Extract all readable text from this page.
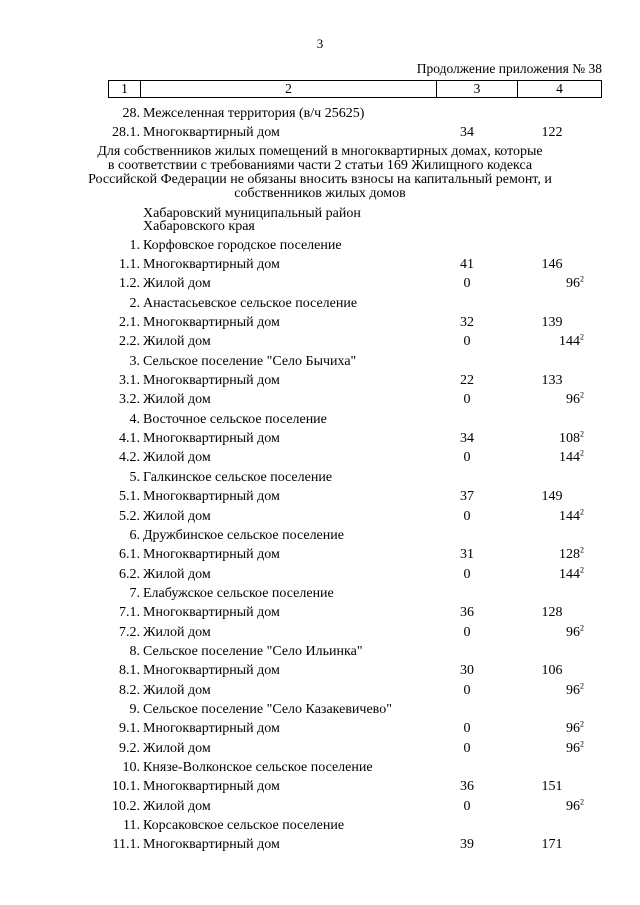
3
Продолжение приложения № 38
1	2	3	4
28. Межселенная территория (в/ч 25625)
28.1. Многоквартирный дом	34	122
Для собственников жилых помещений в многоквартирных домах, которые
в соответствии с требованиями части 2 статьи 169 Жилищного кодекса
Российской Федерации не обязаны вносить взносы на капитальный ремонт, и
собственников жилых домов
Хабаровский муниципальный район
Хабаровского края
1. Корфовское городское поселение
1.1. Многоквартирный дом	41	146
1.2. Жилой дом	0	$96^2$
2. Анастасьевское сельское поселение
2.1. Многоквартирный дом	32	139
2.2. Жилой дом	0	$144^2$
3. Сельское поселение "Село Бычиха"
3.1. Многоквартирный дом	22	133
3.2. Жилой дом	0	$96^2$
4. Восточное сельское поселение
4.1. Многоквартирный дом	34	$108^2$
4.2. Жилой дом	0	$144^2$
5. Галкинское сельское поселение
5.1. Многоквартирный дом	37	149
5.2. Жилой дом	0	$144^2$
6. Дружбинское сельское поселение
6.1. Многоквартирный дом	31	$128^2$
6.2. Жилой дом	0	$144^2$
7. Елабужское сельское поселение
7.1. Многоквартирный дом	36	128
7.2. Жилой дом	0	$96^2$
8. Сельское поселение "Село Ильинка"
8.1. Многоквартирный дом	30	106
8.2. Жилой дом	0	$96^2$
9. Сельское поселение "Село Казакевичево"
9.1. Многоквартирный дом	0	$96^2$
9.2. Жилой дом	0	$96^2$
10. Князе-Волконское сельское поселение
10.1. Многоквартирный дом	36	151
10.2. Жилой дом	0	$96^2$
11. Корсаковское сельское поселение
11.1. Многоквартирный дом	39	171
